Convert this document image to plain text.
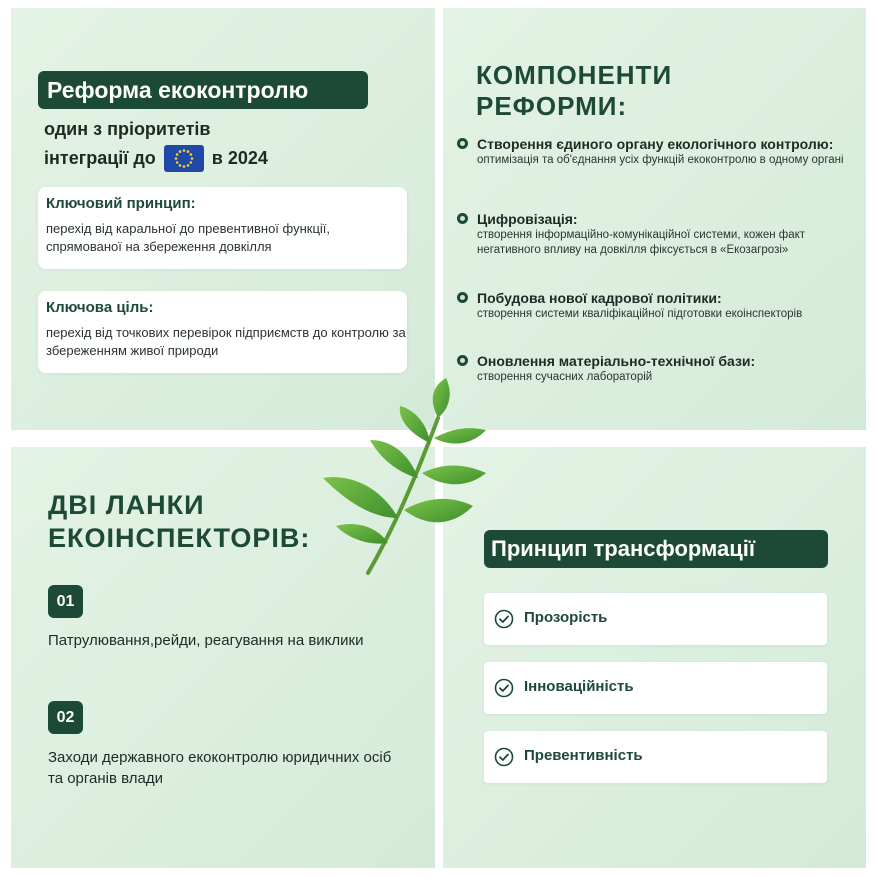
Реформа екоконтролю
один з пріоритетів
інтеграції до	в 2024
Ключовий принцип:
перехід від каральної до превентивної функції, спрямованої на збереження довкілля
Ключова ціль:
перехід від точкових перевірок підприємств до контролю за збереженням живої природи
КОМПОНЕНТИ
РЕФОРМИ:
Створення єдиного органу екологічного контролю:
оптимізація та об'єднання усіх функцій екоконтролю в одному органі
Цифровізація:
створення інформаційно-комунікаційної системи, кожен факт негативного впливу на довкілля фіксується в «Екозагрозі»
Побудова нової кадрової політики:
створення системи кваліфікаційної підготовки екоінспекторів
Оновлення матеріально-технічної бази:
створення сучасних лабораторій
ДВІ ЛАНКИ
ЕКОІНСПЕКТОРІВ:
01
Патрулювання,рейди, реагування на виклики
02
Заходи державного екоконтролю юридичних осіб та органів влади
Принцип трансформації
Прозорість
Інноваційність
Превентивність
